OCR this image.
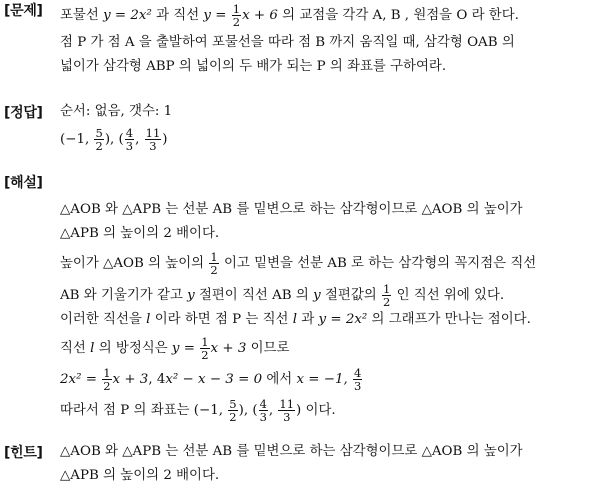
[문제] 포물선 y = 2x² 과 직선 $y = \frac{1}{2}$ x + 6 의 교점을 각각 A, B , 원점을 O 라 한다.
점 P 가 점 A 을 출발하여 포물선을 따라 점 B 까지 움직일 때, 삼각형 OAB 의
넓이가 삼각형 ABP 의 넓이의 두 배가 되는 P 의 좌표를 구하여라.
[정답] 순서: 없음, 갯수: 1
(−1, $\frac{5}{2}$ ), ( $\frac{4}{3}$ , $\frac{11}{3}$ )
[해설]
△AOB 와 △APB 는 선분 AB 를 밑변으로 하는 삼각형이므로 △AOB 의 높이가
△APB 의 높이의 2 배이다.
높이가 △AOB 의 높이의 $\frac{1}{2}$ 이고 밑변을 선분 AB 로 하는 삼각형의 꼭지점은 직선
AB 와 기울기가 같고 y 절편이 직선 AB 의 y 절편값의 $\frac{1}{2}$ 인 직선 위에 있다.
이러한 직선을 l 이라 하면 점 P 는 직선 l 과 y = 2x² 의 그래프가 만나는 점이다.
직선 l 의 방정식은 $y = \frac{1}{2}$ x + 3 이므로
$2x^2 = \frac{1}{2}$ x + 3, 4x² − x − 3 = 0 에서 x = −1, $\frac{4}{3}$
따라서 점 P 의 좌표는 (−1, $\frac{5}{2}$ ), ( $\frac{4}{3}$ , $\frac{11}{3}$ ) 이다.
[힌트] △AOB 와 △APB 는 선분 AB 를 밑변으로 하는 삼각형이므로 △AOB 의 높이가
△APB 의 높이의 2 배이다.
